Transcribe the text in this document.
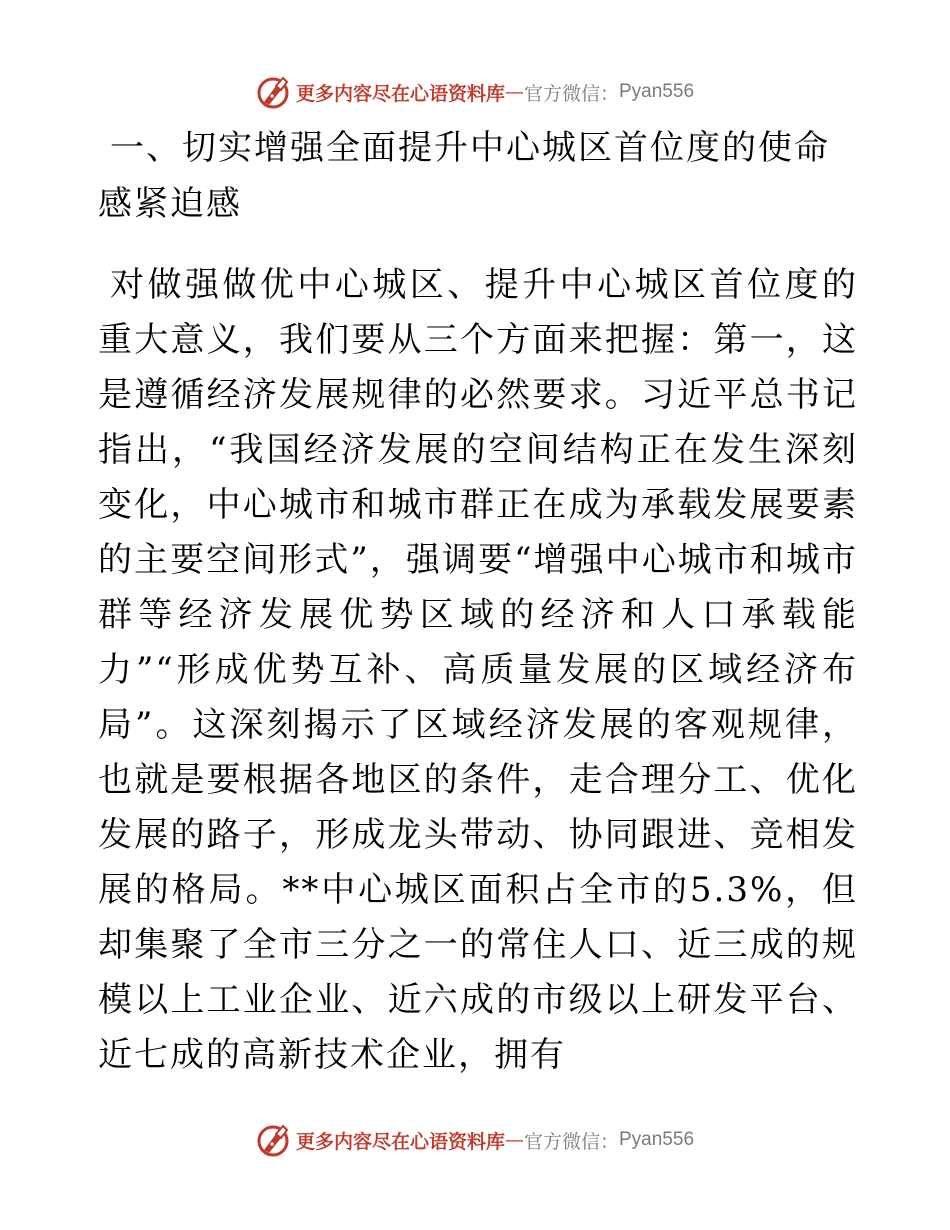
更多内容尽在心语资料库 — 官方微信： Pyan556
一、切实增强全面提升中心城区首位度的使命感紧迫感

对做强做优中心城区、提升中心城区首位度的重大意义，我们要从三个方面来把握：第一，这是遵循经济发展规律的必然要求。习近平总书记指出，“我国经济发展的空间结构正在发生深刻变化，中心城市和城市群正在成为承载发展要素的主要空间形式”，强调要“增强中心城市和城市群等经济发展优势区域的经济和人口承载能力”“形成优势互补、高质量发展的区域经济布局”。这深刻揭示了区域经济发展的客观规律，也就是要根据各地区的条件，走合理分工、优化发展的路子，形成龙头带动、协同跟进、竞相发展的格局。**中心城区面积占全市的5.3%，但却集聚了全市三分之一的常住人口、近三成的规模以上工业企业、近六成的市级以上研发平台、近七成的高新技术企业，拥有

更多内容尽在心语资料库 — 官方微信： Pyan556
